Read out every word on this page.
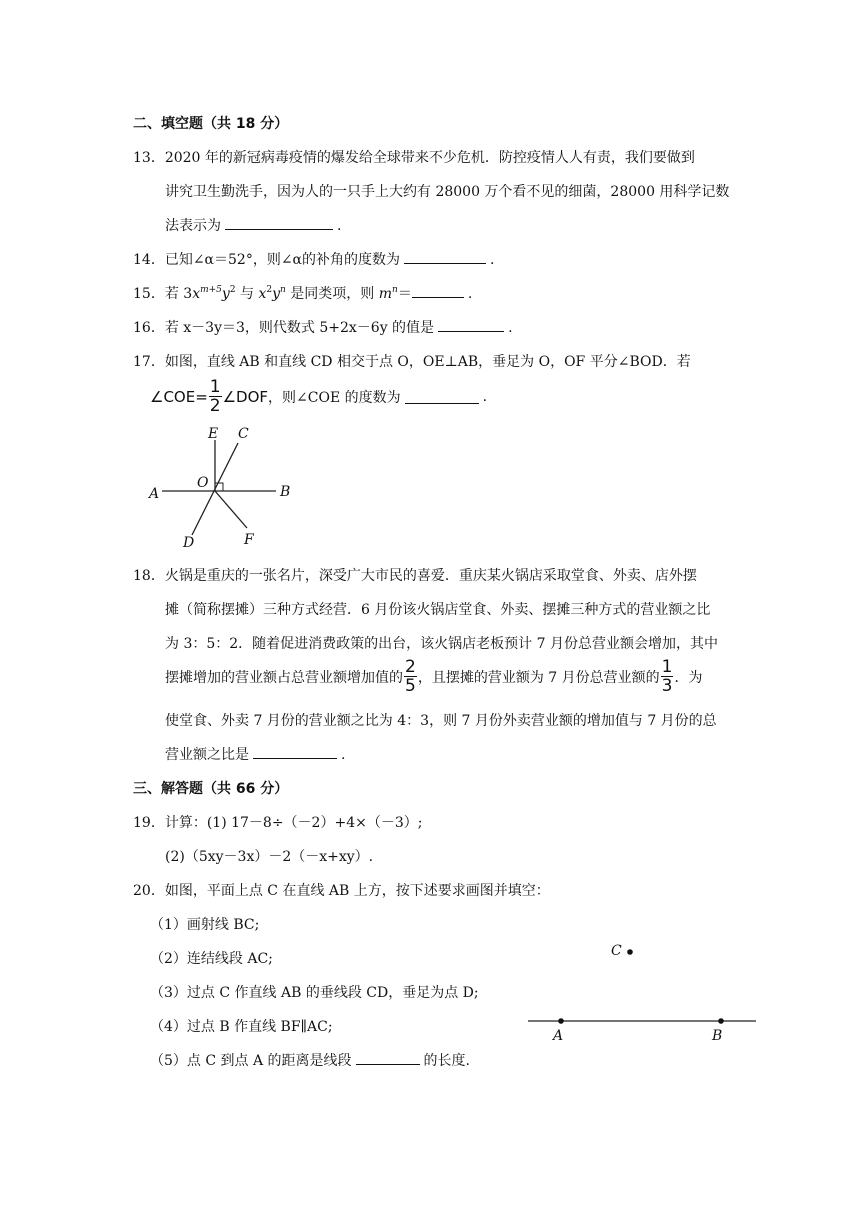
二、填空题（共 18 分）
13．2020 年的新冠病毒疫情的爆发给全球带来不少危机．防控疫情人人有责，我们要做到
讲究卫生勤洗手，因为人的一只手上大约有 28000 万个看不见的细菌，28000 用科学记数
法表示为	.
14．已知∠α＝52°，则∠α的补角的度数为	.
15．若 $3x^{m+5}y^2$ 与 $x^2y^n$ 是同类项，则 $m^n=$	.
16．若 x－3y＝3，则代数式 5+2x－6y 的值是	.
17．如图，直线 AB 和直线 CD 相交于点 O，OE⊥AB，垂足为 O，OF 平分∠BOD．若
∠COE= $\frac{1}{2}$ ∠DOF ，则∠COE 的度数为	.
E C
O
A	B
D	F
18．火锅是重庆的一张名片，深受广大市民的喜爱．重庆某火锅店采取堂食、外卖、店外摆
摊（简称摆摊）三种方式经营．6 月份该火锅店堂食、外卖、摆摊三种方式的营业额之比
为 3：5：2．随着促进消费政策的出台，该火锅店老板预计 7 月份总营业额会增加，其中
摆摊增加的营业额占总营业额增加值的 $\frac{2}{5}$ ，且摆摊的营业额为 7 月份总营业额的 $\frac{1}{3}$ ．为
使堂食、外卖 7 月份的营业额之比为 4：3，则 7 月份外卖营业额的增加值与 7 月份的总
营业额之比是	.
三、解答题（共 66 分）
19．计算：(1) 17－8÷（－2）+4×（－3）;
(2)（5xy－3x）－2（－x+xy）.
20．如图，平面上点 C 在直线 AB 上方，按下述要求画图并填空：
（1）画射线 BC;
（2）连结线段 AC;
（3）过点 C 作直线 AB 的垂线段 CD，垂足为点 D;
（4）过点 B 作直线 BF∥AC;
（5）点 C 到点 A 的距离是线段	的长度.
C
A	B
